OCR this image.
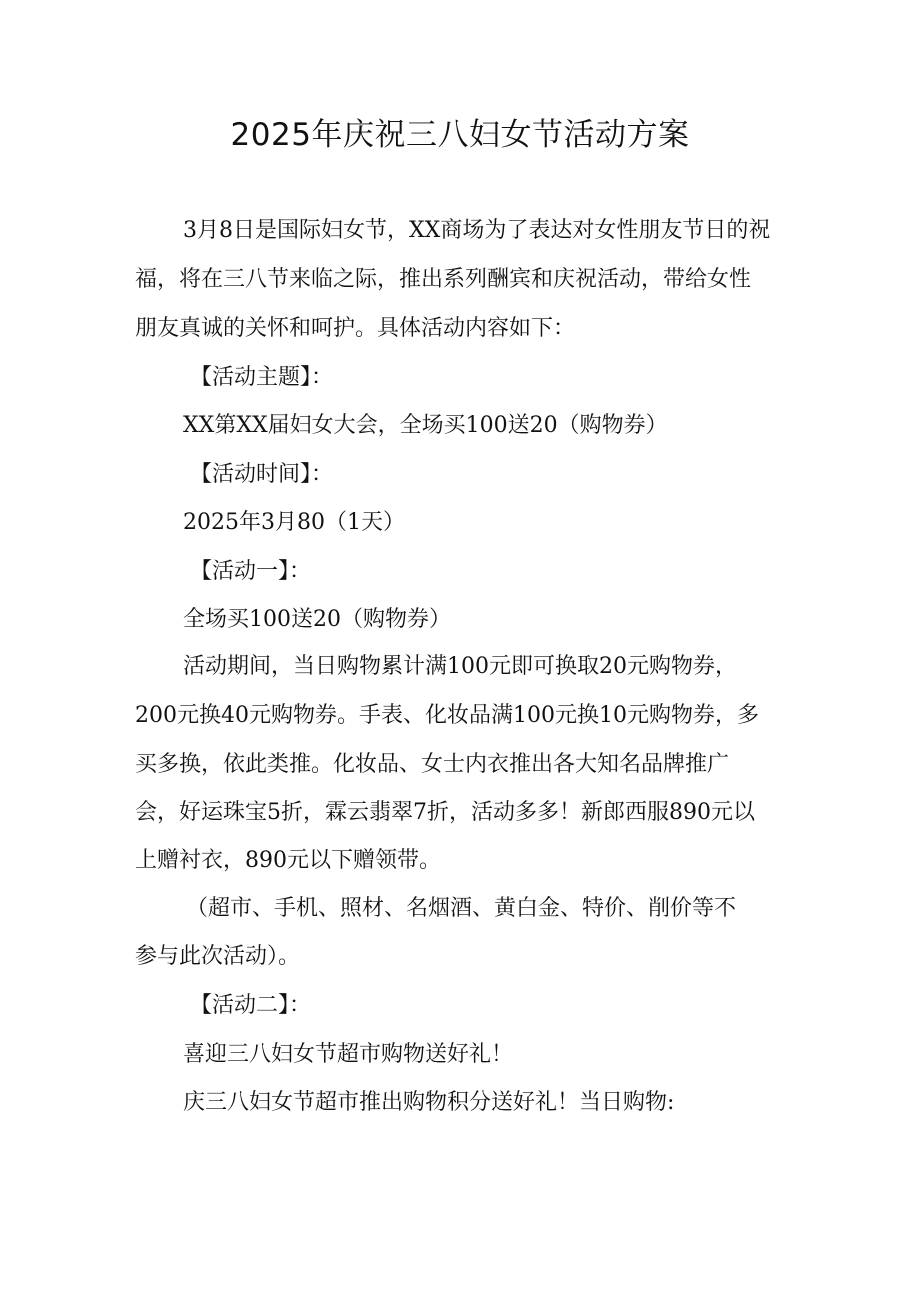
2025年庆祝三八妇女节活动方案
3月8日是国际妇女节，XX商场为了表达对女性朋友节日的祝
福，将在三八节来临之际，推出系列酬宾和庆祝活动，带给女性
朋友真诚的关怀和呵护。具体活动内容如下：
【活动主题】：
XX第XX届妇女大会，全场买100送20（购物券）
【活动时间】：
2025年3月80（1天）
【活动一】：
全场买100送20（购物券）
活动期间，当日购物累计满100元即可换取20元购物券，
200元换40元购物券。手表、化妆品满100元换10元购物券，多
买多换，依此类推。化妆品、女士内衣推出各大知名品牌推广
会，好运珠宝5折，霖云翡翠7折，活动多多！新郎西服890元以
上赠衬衣，890元以下赠领带。
（超市、手机、照材、名烟酒、黄白金、特价、削价等不
参与此次活动）。
【活动二】：
喜迎三八妇女节超市购物送好礼！
庆三八妇女节超市推出购物积分送好礼！当日购物:
